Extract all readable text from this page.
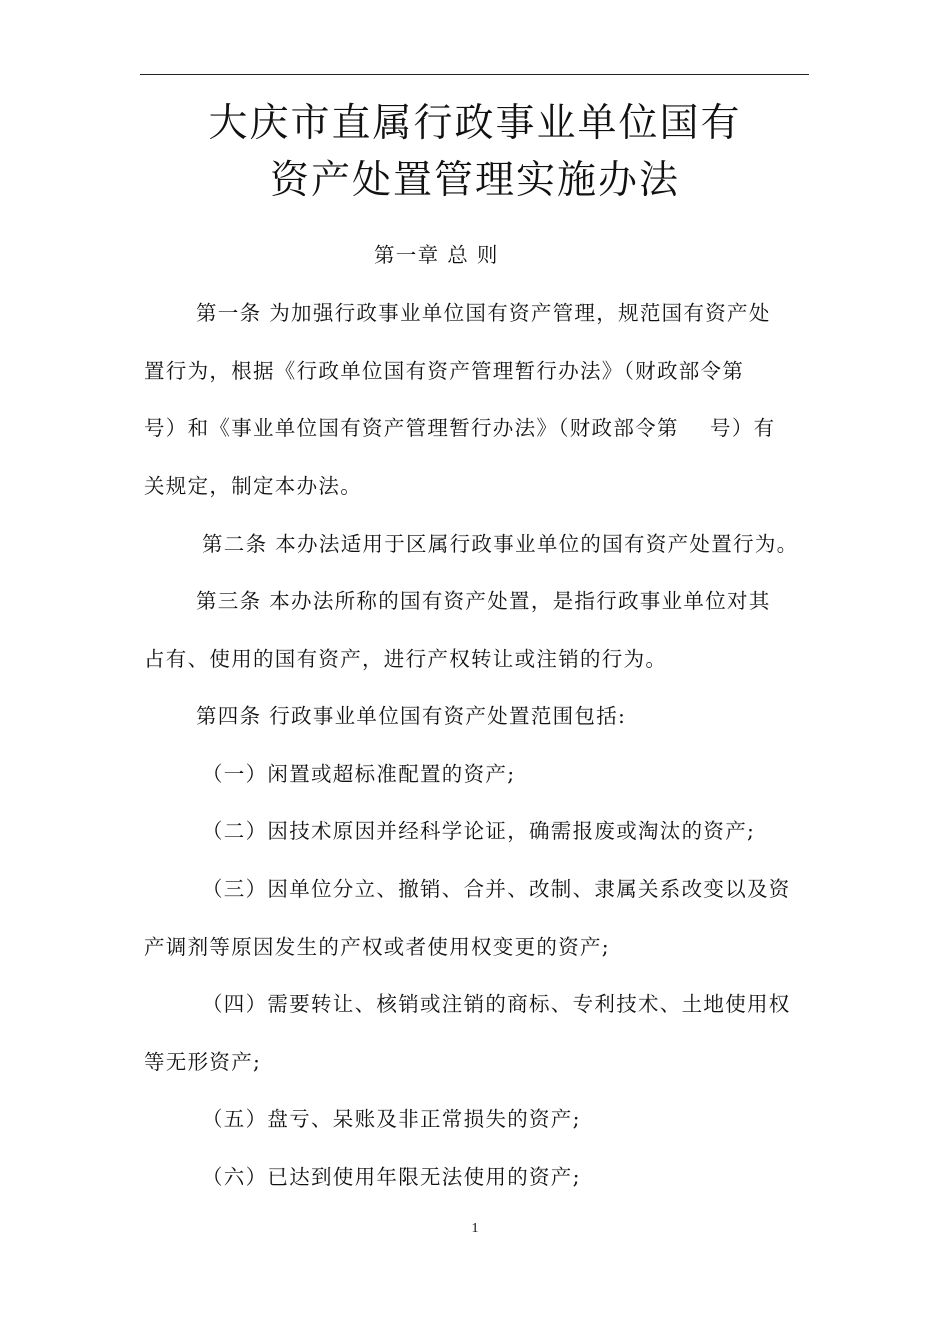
大庆市直属行政事业单位国有
资产处置管理实施办法
第一章 总 则
第一条 为加强行政事业单位国有资产管理，规范国有资产处
置行为，根据《行政单位国有资产管理暂行办法》（财政部令第
号）和《事业单位国有资产管理暂行办法》（财政部令第    号）有
关规定，制定本办法。
第二条 本办法适用于区属行政事业单位的国有资产处置行为。
第三条 本办法所称的国有资产处置，是指行政事业单位对其
占有、使用的国有资产，进行产权转让或注销的行为。
第四条 行政事业单位国有资产处置范围包括:
（一）闲置或超标准配置的资产;
（二）因技术原因并经科学论证，确需报废或淘汰的资产;
（三）因单位分立、撤销、合并、改制、隶属关系改变以及资
产调剂等原因发生的产权或者使用权变更的资产;
（四）需要转让、核销或注销的商标、专利技术、土地使用权
等无形资产;
（五）盘亏、呆账及非正常损失的资产;
（六）已达到使用年限无法使用的资产;
1
